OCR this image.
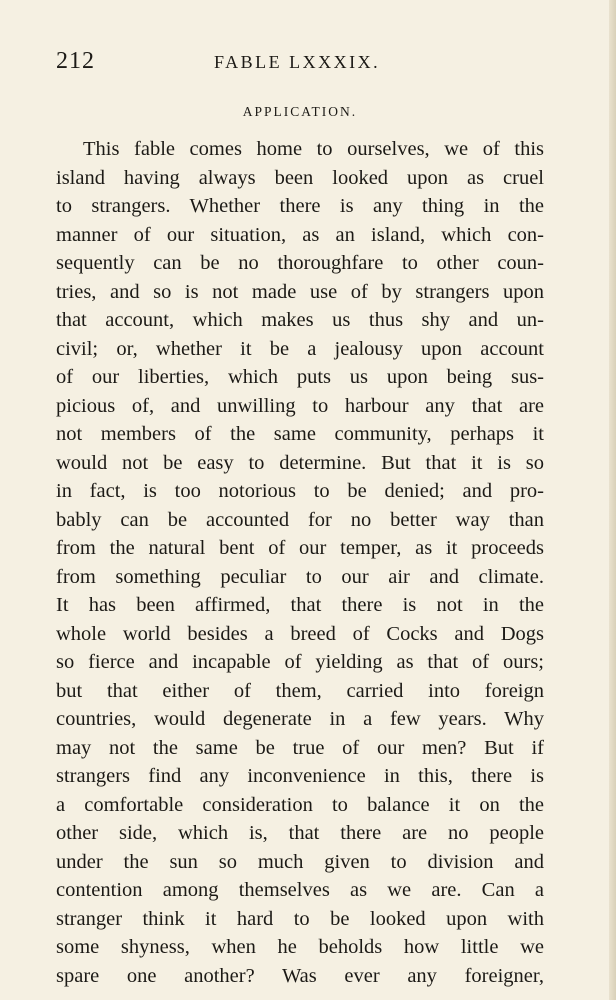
212	FABLE LXXXIX.
APPLICATION.
This fable comes home to ourselves, we of this
island having always been looked upon as cruel
to strangers. Whether there is any thing in the
manner of our situation, as an island, which con-
sequently can be no thoroughfare to other coun-
tries, and so is not made use of by strangers upon
that account, which makes us thus shy and un-
civil; or, whether it be a jealousy upon account
of our liberties, which puts us upon being sus-
picious of, and unwilling to harbour any that are
not members of the same community, perhaps it
would not be easy to determine. But that it is so
in fact, is too notorious to be denied; and pro-
bably can be accounted for no better way than
from the natural bent of our temper, as it proceeds
from something peculiar to our air and climate.
It has been affirmed, that there is not in the
whole world besides a breed of Cocks and Dogs
so fierce and incapable of yielding as that of ours;
but that either of them, carried into foreign
countries, would degenerate in a few years. Why
may not the same be true of our men? But if
strangers find any inconvenience in this, there is
a comfortable consideration to balance it on the
other side, which is, that there are no people
under the sun so much given to division and
contention among themselves as we are. Can a
stranger think it hard to be looked upon with
some shyness, when he beholds how little we
spare one another? Was ever any foreigner,
